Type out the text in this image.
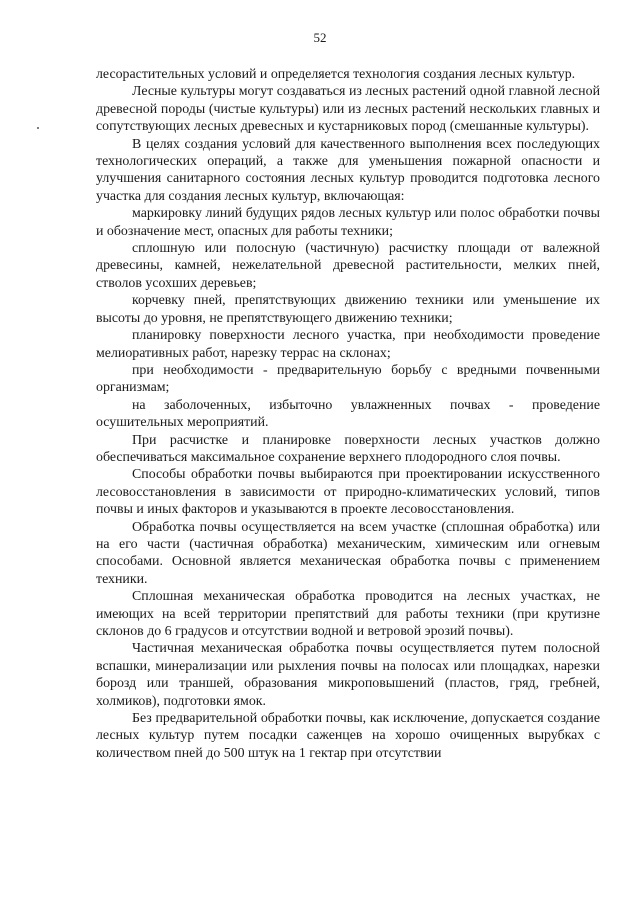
52

лесорастительных условий и определяется технология создания лесных культур.

Лесные культуры могут создаваться из лесных растений одной главной лесной древесной породы (чистые культуры) или из лесных растений нескольких главных и сопутствующих лесных древесных и кустарниковых пород (смешанные культуры).

В целях создания условий для качественного выполнения всех последующих технологических операций, а также для уменьшения пожарной опасности и улучшения санитарного состояния лесных культур проводится подготовка лесного участка для создания лесных культур, включающая:

маркировку линий будущих рядов лесных культур или полос обработки почвы и обозначение мест, опасных для работы техники;

сплошную или полосную (частичную) расчистку площади от валежной древесины, камней, нежелательной древесной растительности, мелких пней, стволов усохших деревьев;

корчевку пней, препятствующих движению техники или уменьшение их высоты до уровня, не препятствующего движению техники;

планировку поверхности лесного участка, при необходимости проведение мелиоративных работ, нарезку террас на склонах;

при необходимости - предварительную борьбу с вредными почвенными организмам;

на заболоченных, избыточно увлажненных почвах - проведение осушительных мероприятий.

При расчистке и планировке поверхности лесных участков должно обеспечиваться максимальное сохранение верхнего плодородного слоя почвы.

Способы обработки почвы выбираются при проектировании искусственного лесовосстановления в зависимости от природно-климатических условий, типов почвы и иных факторов и указываются в проекте лесовосстановления.

Обработка почвы осуществляется на всем участке (сплошная обработка) или на его части (частичная обработка) механическим, химическим или огневым способами. Основной является механическая обработка почвы с применением техники.

Сплошная механическая обработка проводится на лесных участках, не имеющих на всей территории препятствий для работы техники (при крутизне склонов до 6 градусов и отсутствии водной и ветровой эрозий почвы).

Частичная механическая обработка почвы осуществляется путем полосной вспашки, минерализации или рыхления почвы на полосах или площадках, нарезки борозд или траншей, образования микроповышений (пластов, гряд, гребней, холмиков), подготовки ямок.

Без предварительной обработки почвы, как исключение, допускается создание лесных культур путем посадки саженцев на хорошо очищенных вырубках с количеством пней до 500 штук на 1 гектар при отсутствии
